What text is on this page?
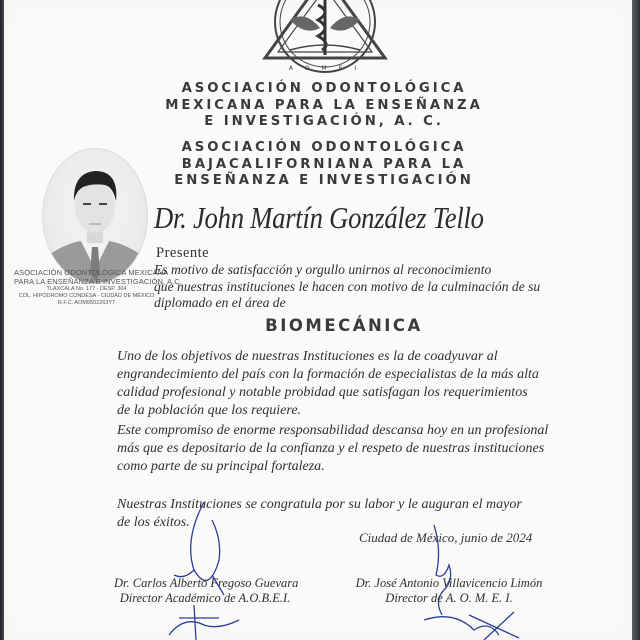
A O M E I
ASOCIACIÓN ODONTOLÓGICA
MEXICANA PARA LA ENSEÑANZA
E INVESTIGACIÓN, A. C.
ASOCIACIÓN ODONTOLÓGICA
BAJACALIFORNIANA PARA LA
ENSEÑANZA E INVESTIGACIÓN
ASOCIACIÓN ODONTOLÓGICA MEXICANA
PARA LA ENSEÑANZA E INVESTIGACIÓN, A.C.
TLAXCALA No. 177 - DESP. 304
COL. HIPÓDROMO CONDESA - CIUDAD DE MÉXICO
R.F.C. AOM9502263Y7
Dr. John Martín González Tello
Presente
Es motivo de satisfacción y orgullo unirnos al reconocimiento
que nuestras instituciones le hacen con motivo de la culminación de su
diplomado en el área de
BIOMECÁNICA
Uno de los objetivos de nuestras Instituciones es la de coadyuvar al
engrandecimiento del país con la formación de especialistas de la más alta
calidad profesional y notable probidad que satisfagan los requerimientos
de la población que los requiere.
Este compromiso de enorme responsabilidad descansa hoy en un profesional
más que es depositario de la confianza y el respeto de nuestras instituciones
como parte de su principal fortaleza.
Nuestras Instituciones se congratula por su labor y le auguran el mayor
de los éxitos.
Ciudad de México, junio de 2024
Dr. Carlos Alberto Fregoso Guevara
Director Académico de A.O.B.E.I.
Dr. José Antonio Villavicencio Limón
Director de A. O. M. E. I.
